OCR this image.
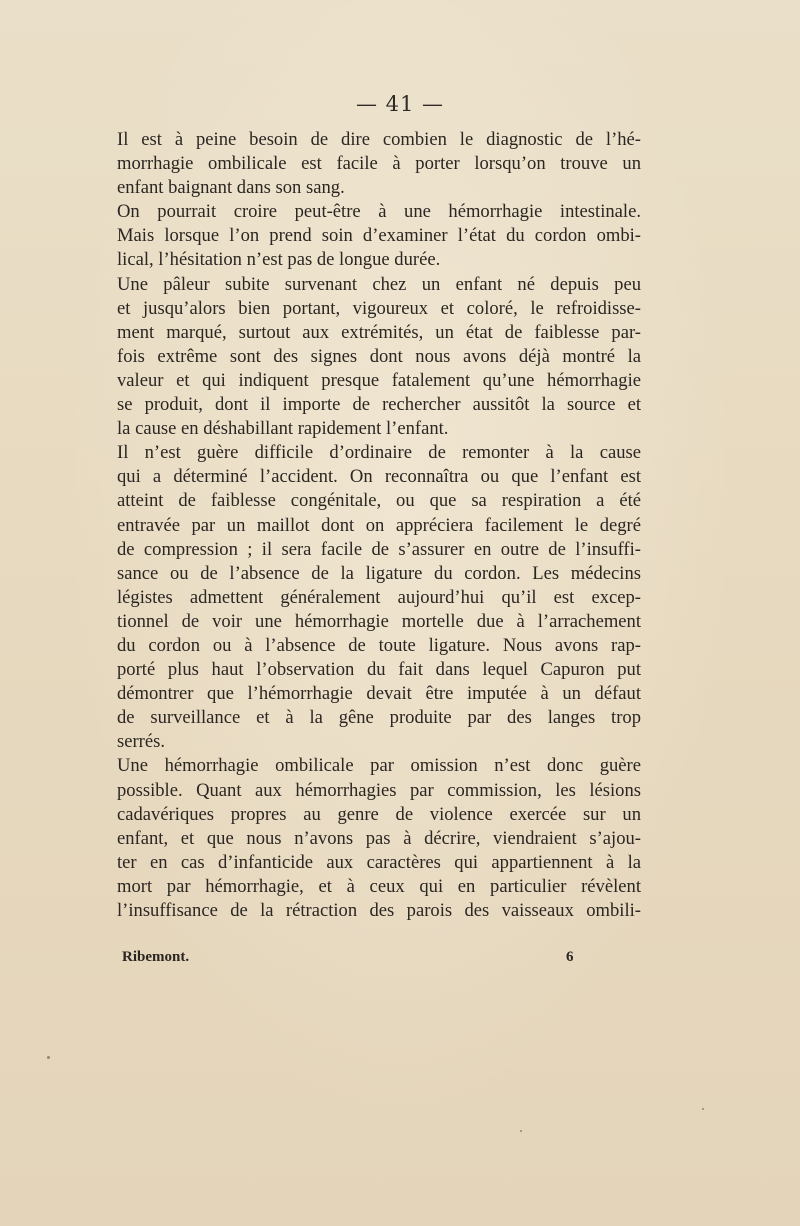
— 41 —
Il est à peine besoin de dire combien le diagnostic de l’hé-
morrhagie ombilicale est facile à porter lorsqu’on trouve un
enfant baignant dans son sang.
On pourrait croire peut-être à une hémorrhagie intestinale.
Mais lorsque l’on prend soin d’examiner l’état du cordon ombi-
lical, l’hésitation n’est pas de longue durée.
Une pâleur subite survenant chez un enfant né depuis peu
et jusqu’alors bien portant, vigoureux et coloré, le refroidisse-
ment marqué, surtout aux extrémités, un état de faiblesse par-
fois extrême sont des signes dont nous avons déjà montré la
valeur et qui indiquent presque fatalement qu’une hémorrhagie
se produit, dont il importe de rechercher aussitôt la source et
la cause en déshabillant rapidement l’enfant.
Il n’est guère difficile d’ordinaire de remonter à la cause
qui a déterminé l’accident. On reconnaîtra ou que l’enfant est
atteint de faiblesse congénitale, ou que sa respiration a été
entravée par un maillot dont on appréciera facilement le degré
de compression ; il sera facile de s’assurer en outre de l’insuffi-
sance ou de l’absence de la ligature du cordon. Les médecins
légistes admettent généralement aujourd’hui qu’il est excep-
tionnel de voir une hémorrhagie mortelle due à l’arrachement
du cordon ou à l’absence de toute ligature. Nous avons rap-
porté plus haut l’observation du fait dans lequel Capuron put
démontrer que l’hémorrhagie devait être imputée à un défaut
de surveillance et à la gêne produite par des langes trop
serrés.
Une hémorrhagie ombilicale par omission n’est donc guère
possible. Quant aux hémorrhagies par commission, les lésions
cadavériques propres au genre de violence exercée sur un
enfant, et que nous n’avons pas à décrire, viendraient s’ajou-
ter en cas d’infanticide aux caractères qui appartiennent à la
mort par hémorrhagie, et à ceux qui en particulier révèlent
l’insuffisance de la rétraction des parois des vaisseaux ombili-
Ribemont.	6
